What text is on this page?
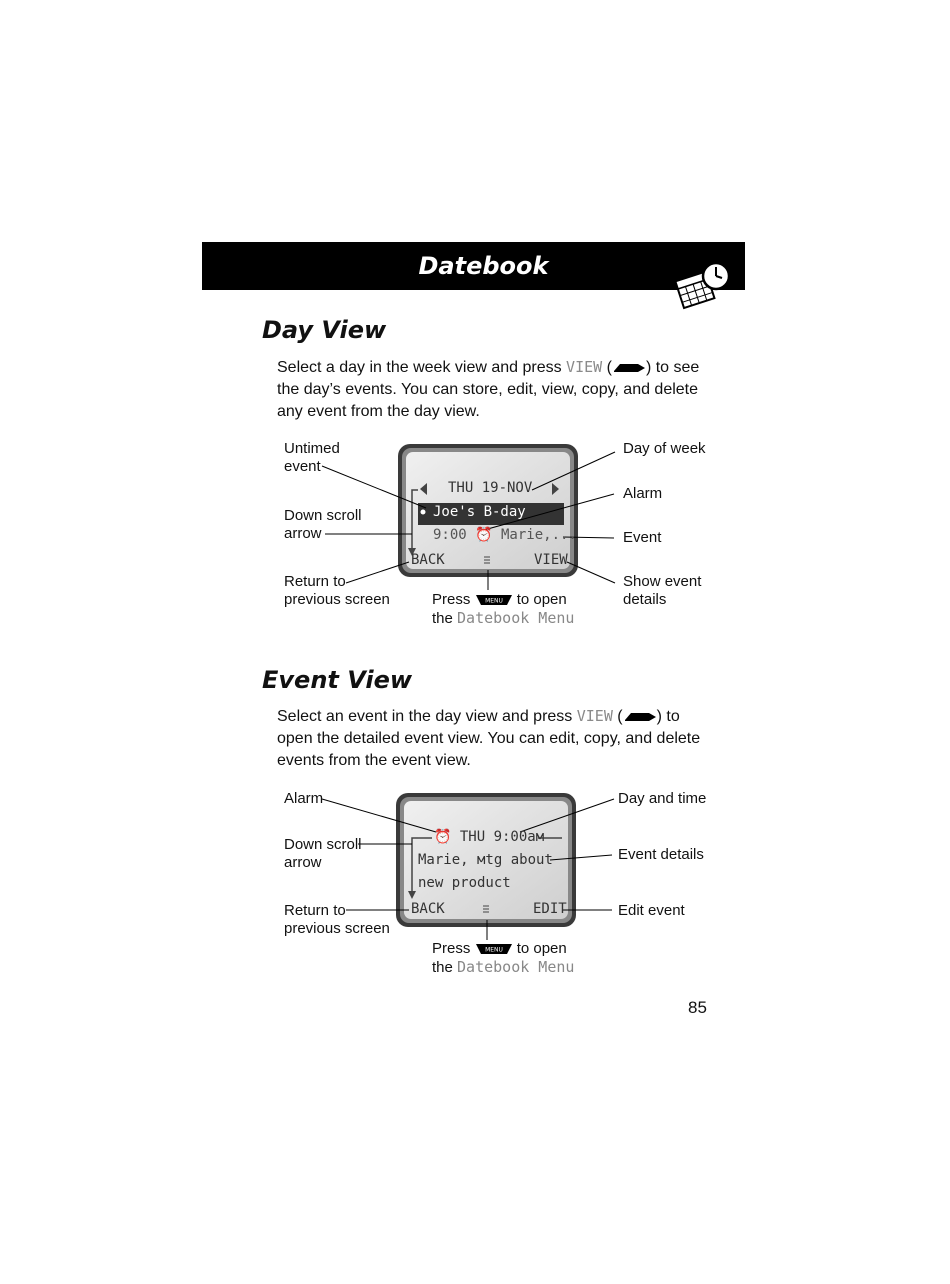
Datebook
Day View
Select a day in the week view and press VIEW ( ) to see the day’s events. You can store, edit, view, copy, and delete any event from the day view.
THU 19-NOV
Joe's B-day
9:00 ⏰ Marie,...
BACK	VIEW
Untimed
event
Down scroll
arrow
Return to
previous screen
Day of week
Alarm
Event
Show event
details
Press MENU to open
the Datebook Menu
Event View
Select an event in the day view and press VIEW ( ) to open the detailed event view. You can edit, copy, and delete events from the event view.
⏰ THU 9:00aм
Marie, мtg about
new product
BACK	EDIT
Alarm
Down scroll
arrow
Return to
previous screen
Day and time
Event details
Edit event
Press MENU to open
the Datebook Menu
85
